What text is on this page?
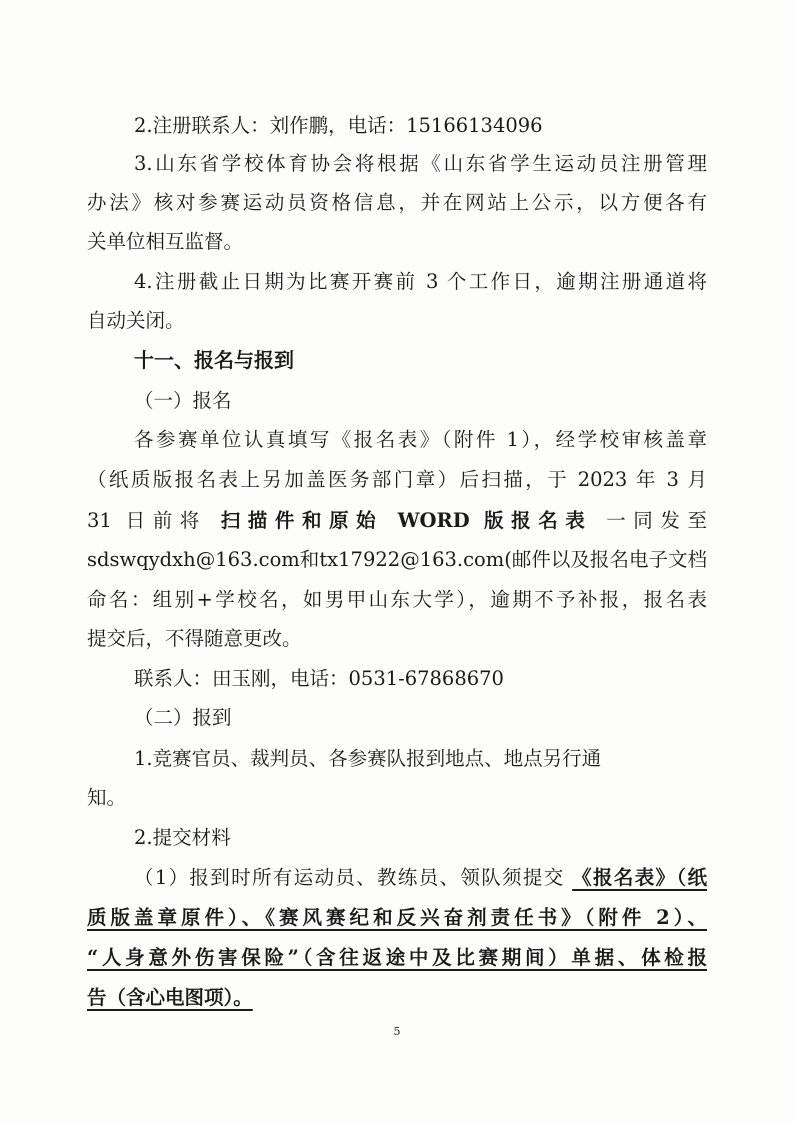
2.注册联系人：刘作鹏，电话：15166134096
3.山东省学校体育协会将根据《山东省学生运动员注册管理
办法》核对参赛运动员资格信息，并在网站上公示，以方便各有
关单位相互监督。
4.注册截止日期为比赛开赛前 3 个工作日，逾期注册通道将
自动关闭。
十一、报名与报到
（一）报名
各参赛单位认真填写《报名表》（附件 1），经学校审核盖章
（纸质版报名表上另加盖医务部门章）后扫描，于 2023 年 3 月
31 日前将 扫描件和原始 WORD 版报名表 一同发至
sdswqydxh@163.com和tx17922@163.com(邮件以及报名电子文档
命名：组别+学校名，如男甲山东大学），逾期不予补报，报名表
提交后，不得随意更改。
联系人：田玉刚，电话：0531-67868670
（二）报到
1.竞赛官员、裁判员、各参赛队报到地点、地点另行通
知。
2.提交材料
（1）报到时所有运动员、教练员、领队须提交 《报名表》（纸
质版盖章原件）、《赛风赛纪和反兴奋剂责任书》（附件 2）、
“人身意外伤害保险”（含往返途中及比赛期间）单据、体检报
告（含心电图项）。
5
